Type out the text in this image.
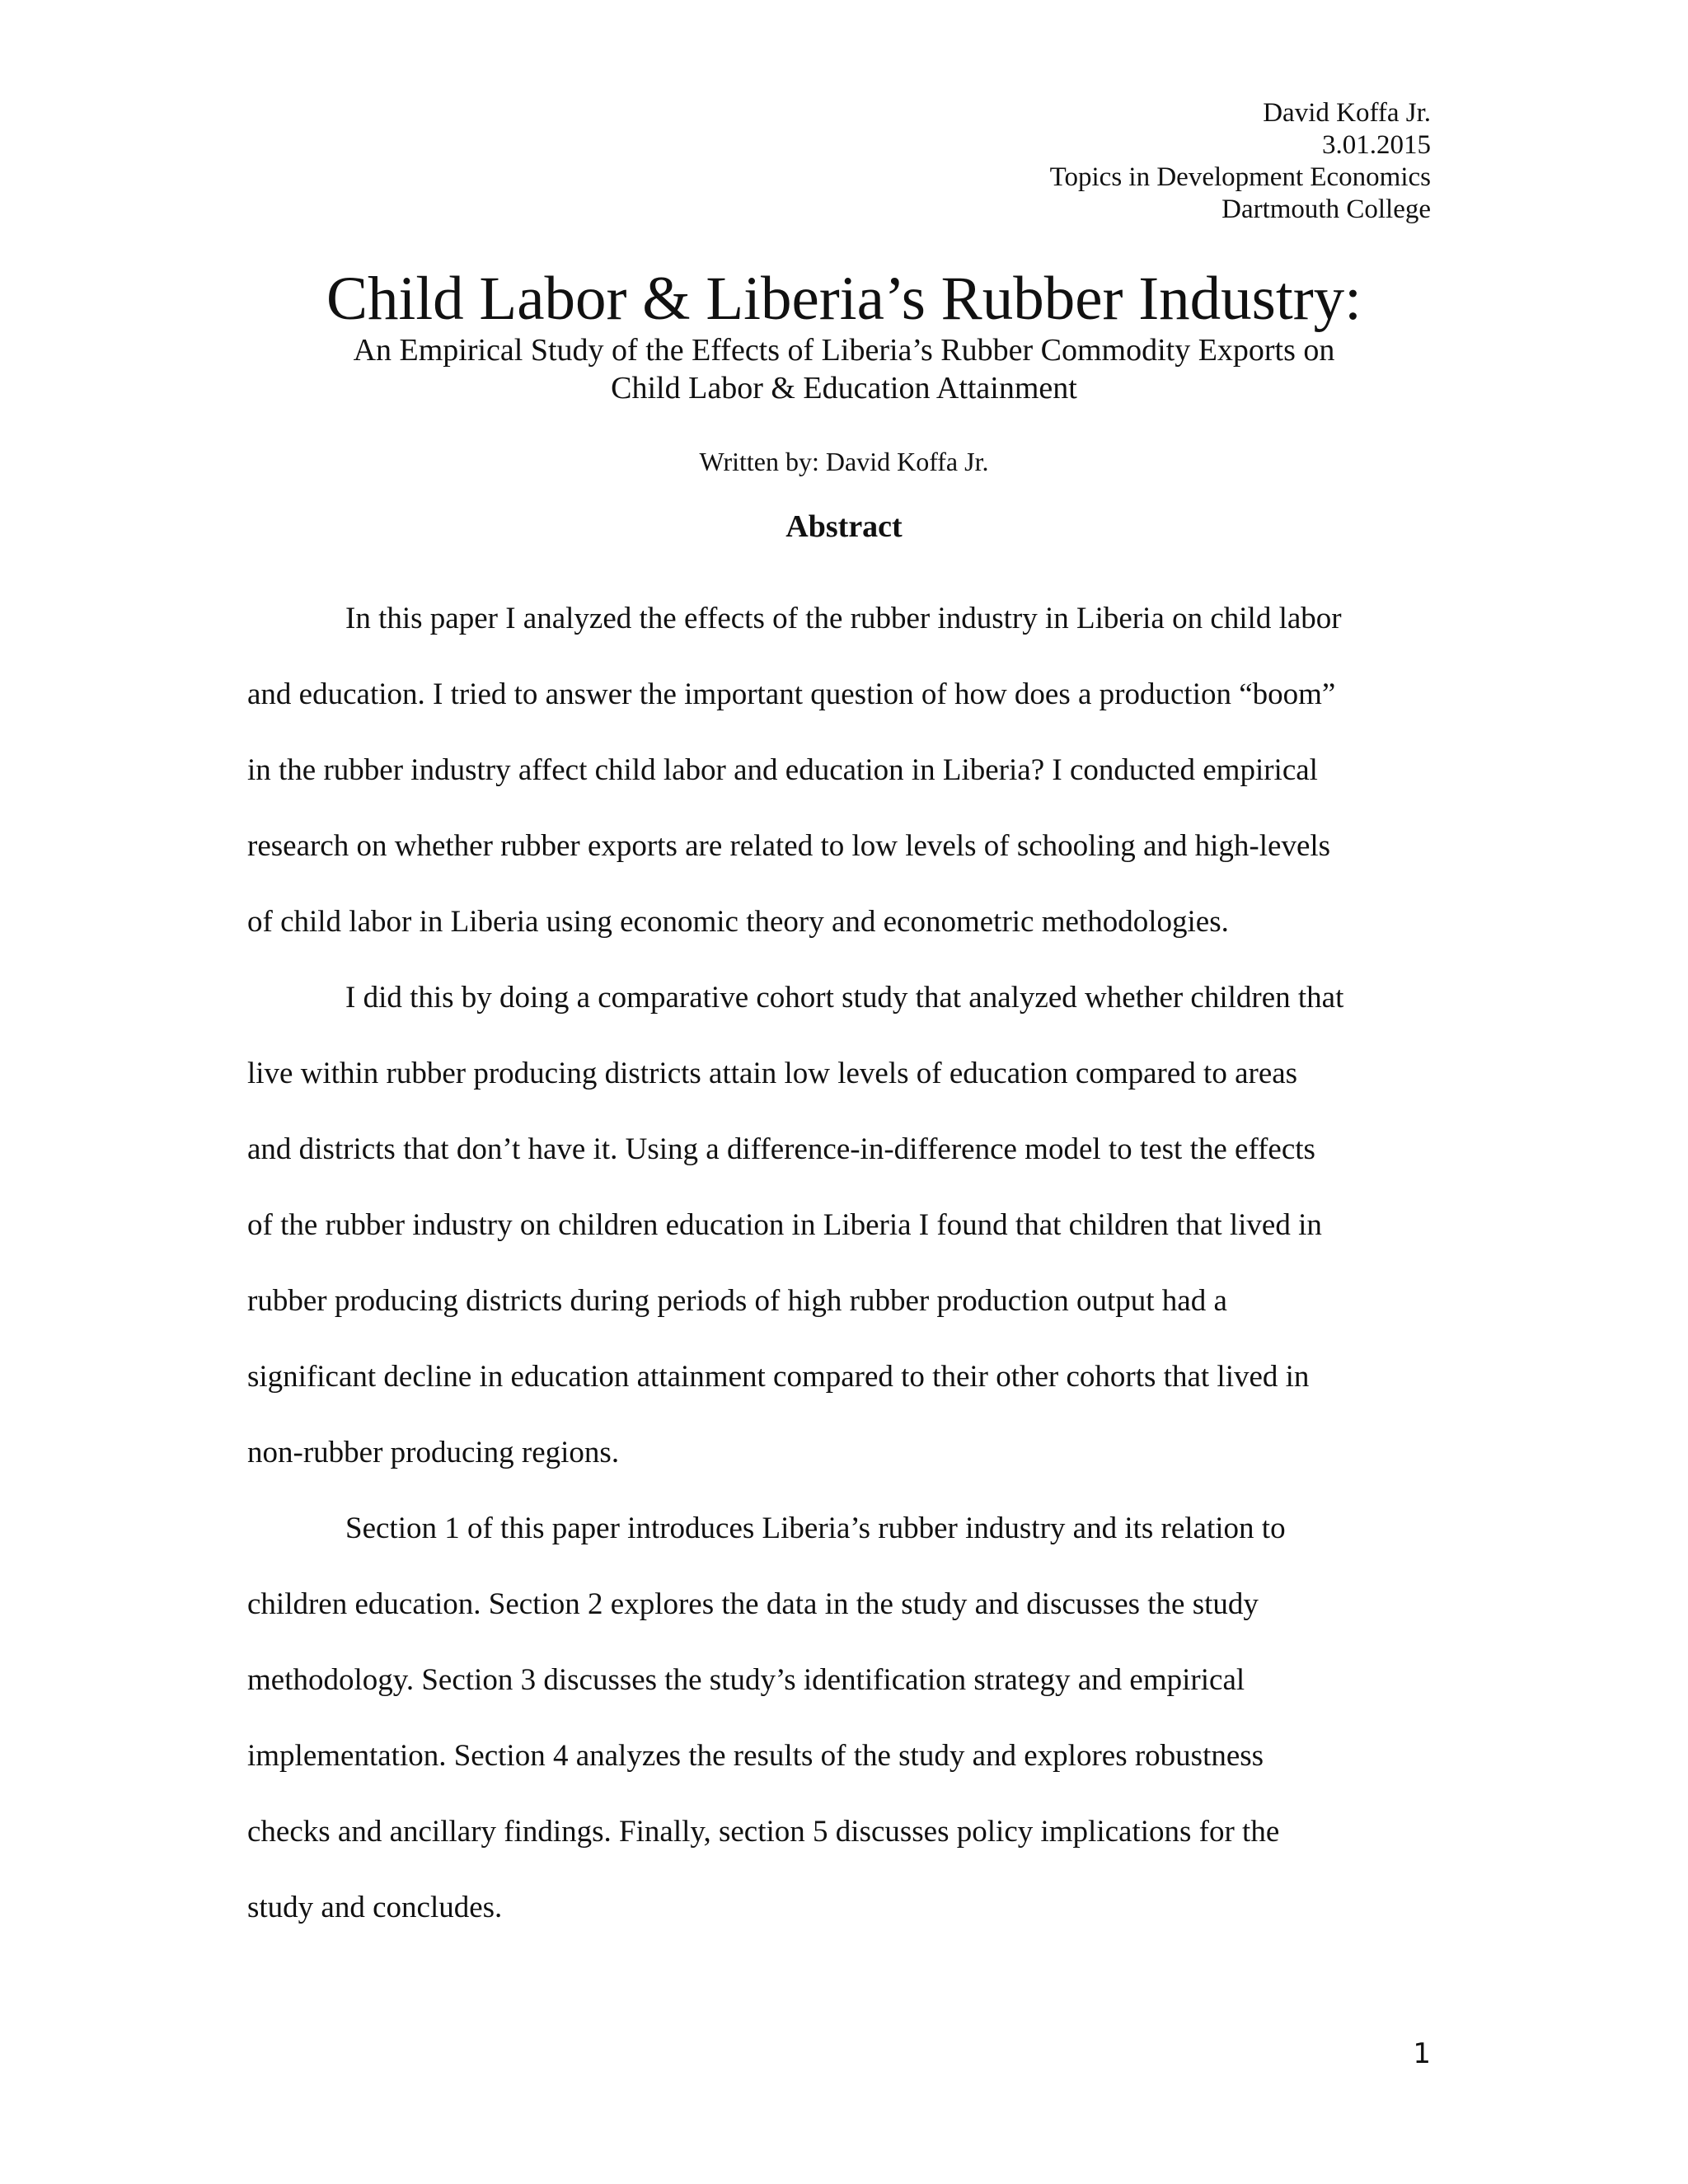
David Koffa Jr.
3.01.2015
Topics in Development Economics
Dartmouth College
Child Labor & Liberia’s Rubber Industry:
An Empirical Study of the Effects of Liberia’s Rubber Commodity Exports on
Child Labor & Education Attainment
Written by: David Koffa Jr.
Abstract

In this paper I analyzed the effects of the rubber industry in Liberia on child labor
and education. I tried to answer the important question of how does a production “boom”
in the rubber industry affect child labor and education in Liberia? I conducted empirical
research on whether rubber exports are related to low levels of schooling and high-levels
of child labor in Liberia using economic theory and econometric methodologies.

I did this by doing a comparative cohort study that analyzed whether children that
live within rubber producing districts attain low levels of education compared to areas
and districts that don’t have it. Using a difference-in-difference model to test the effects
of the rubber industry on children education in Liberia I found that children that lived in
rubber producing districts during periods of high rubber production output had a
significant decline in education attainment compared to their other cohorts that lived in
non-rubber producing regions.

Section 1 of this paper introduces Liberia’s rubber industry and its relation to
children education. Section 2 explores the data in the study and discusses the study
methodology. Section 3 discusses the study’s identification strategy and empirical
implementation. Section 4 analyzes the results of the study and explores robustness
checks and ancillary findings. Finally, section 5 discusses policy implications for the
study and concludes.

1
